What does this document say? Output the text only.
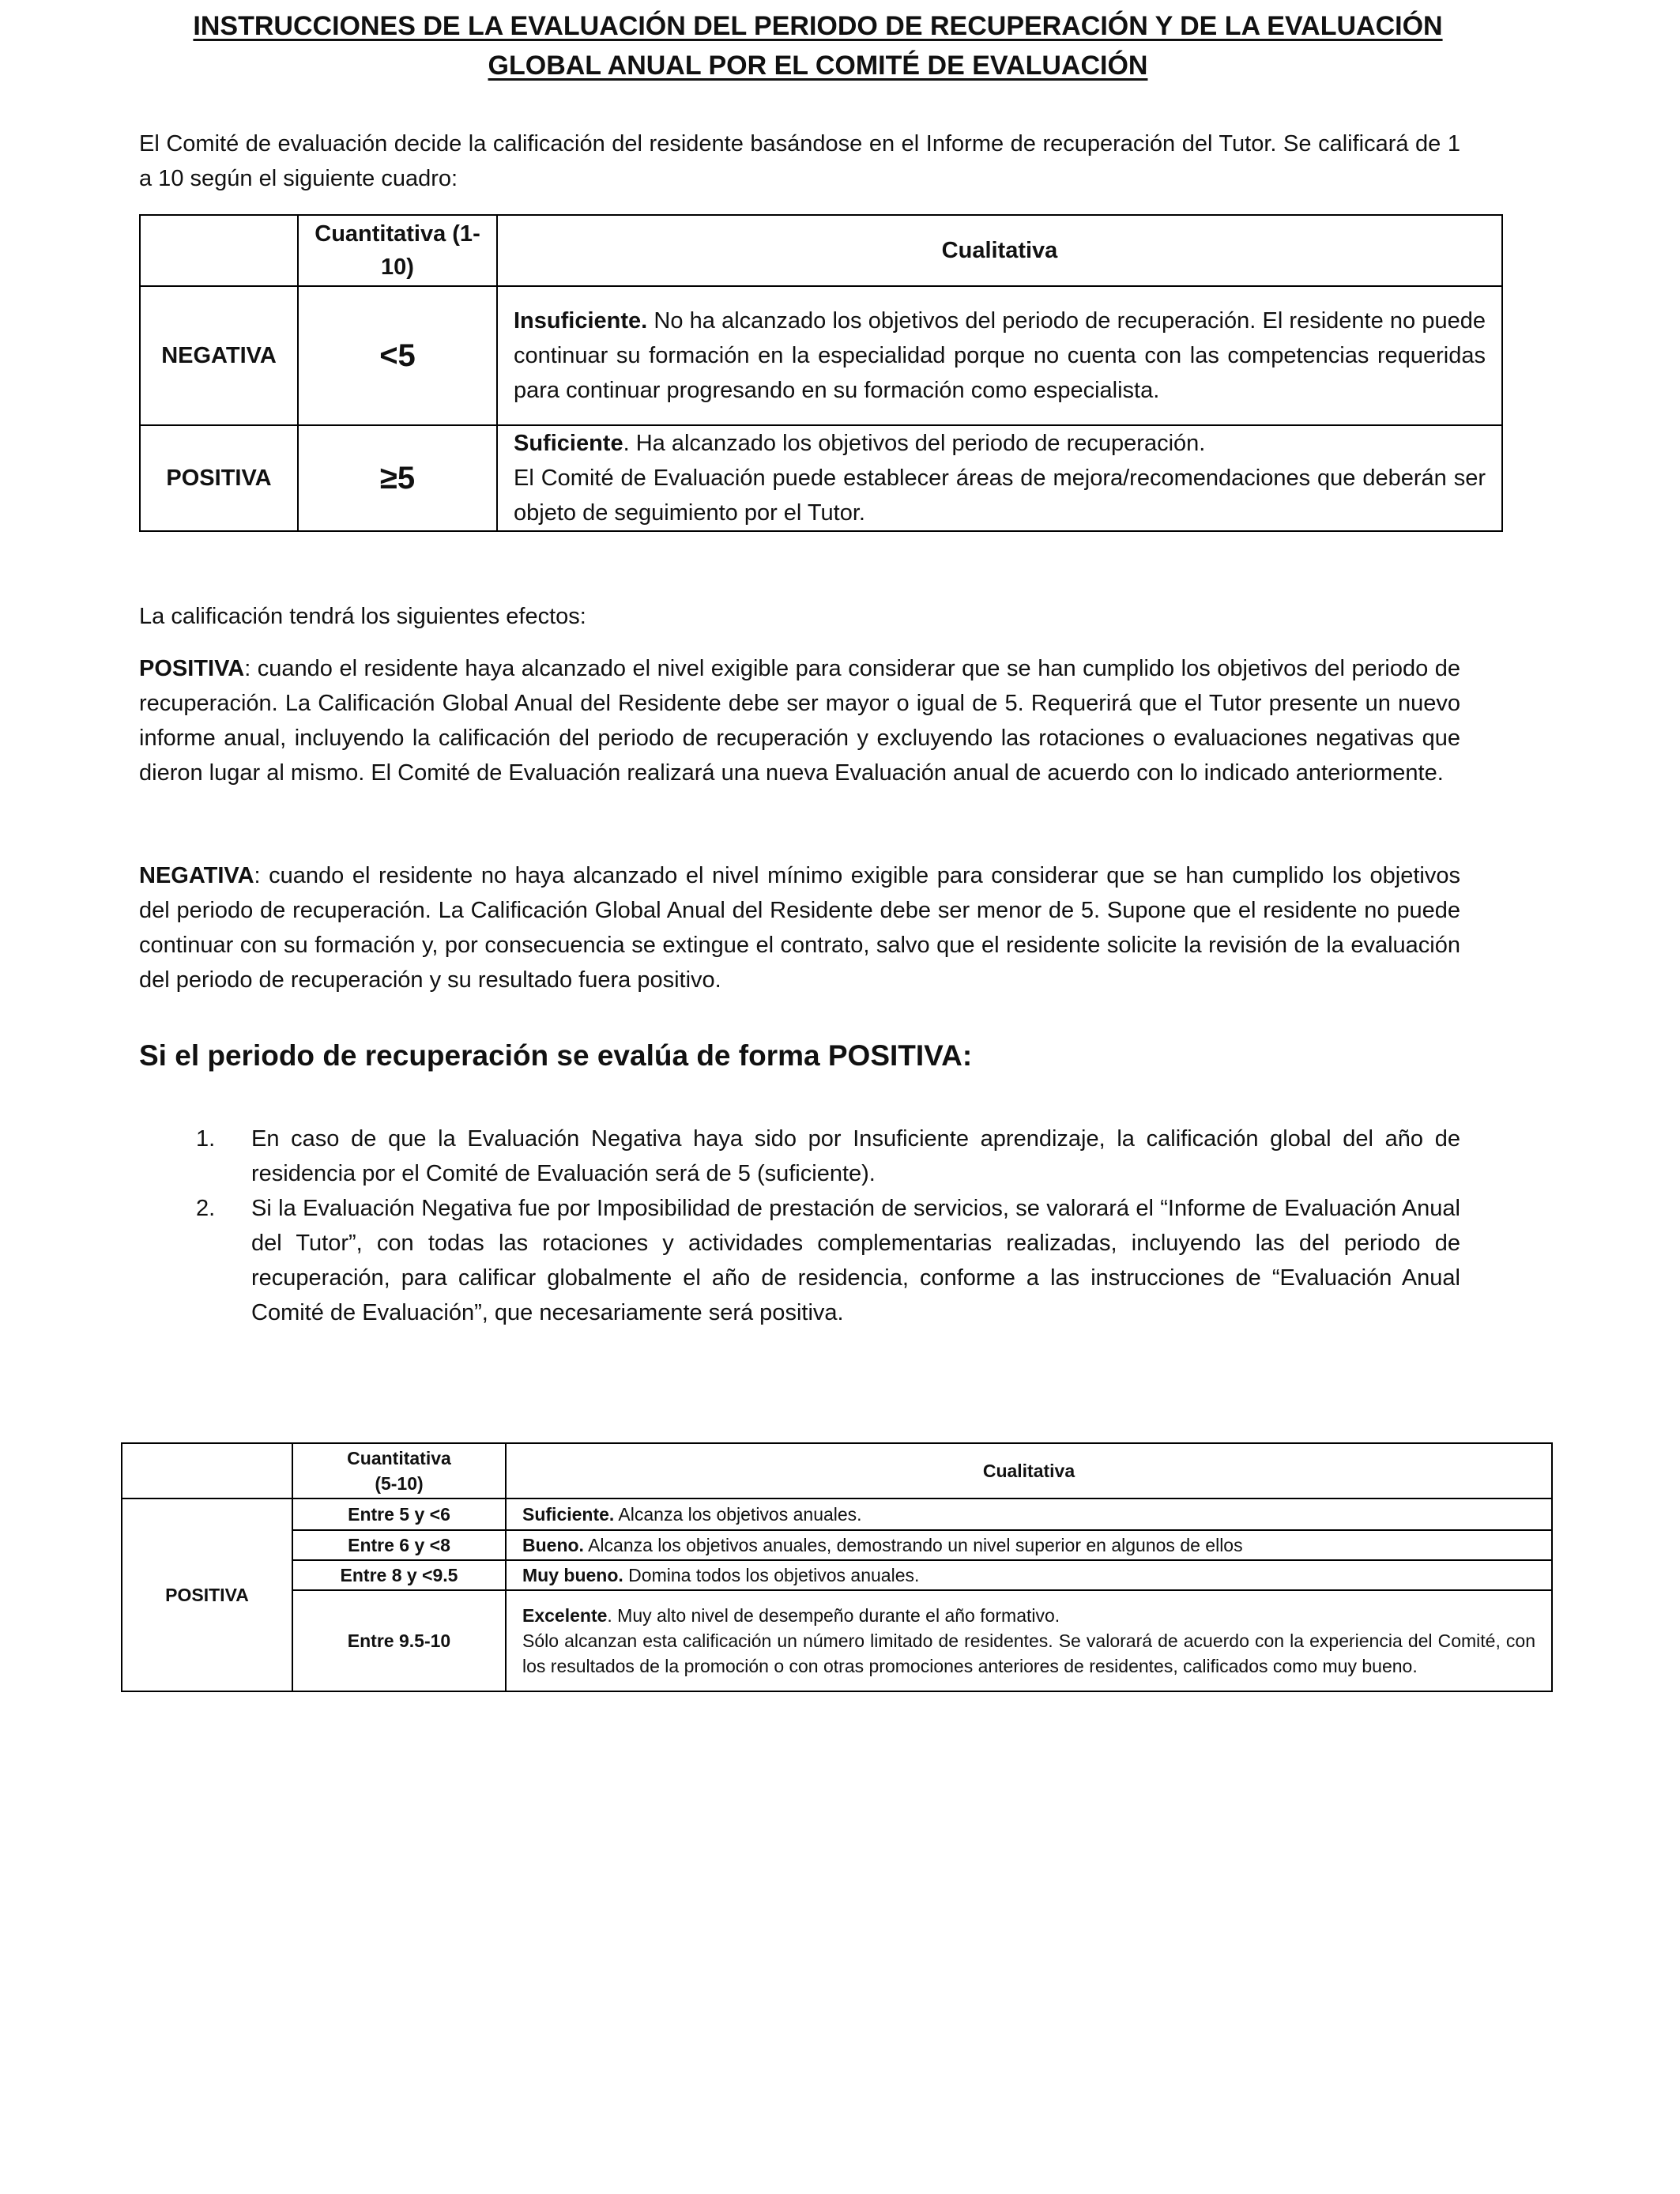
INSTRUCCIONES DE LA EVALUACIÓN DEL PERIODO DE RECUPERACIÓN Y DE LA EVALUACIÓN
GLOBAL ANUAL POR EL COMITÉ DE EVALUACIÓN
El Comité de evaluación decide la calificación del residente basándose en el Informe de recuperación del Tutor. Se calificará de 1 a 10 según el siguiente cuadro:
	Cuantitativa (1-10)	Cualitativa
NEGATIVA	<5	Insuficiente. No ha alcanzado los objetivos del periodo de recuperación. El residente no puede continuar su formación en la especialidad porque no cuenta con las competencias requeridas para continuar progresando en su formación como especialista.
POSITIVA	≥5	Suficiente. Ha alcanzado los objetivos del periodo de recuperación.
El Comité de Evaluación puede establecer áreas de mejora/recomendaciones que deberán ser objeto de seguimiento por el Tutor.
La calificación tendrá los siguientes efectos:
POSITIVA: cuando el residente haya alcanzado el nivel exigible para considerar que se han cumplido los objetivos del periodo de recuperación. La Calificación Global Anual del Residente debe ser mayor o igual de 5. Requerirá que el Tutor presente un nuevo informe anual, incluyendo la calificación del periodo de recuperación y excluyendo las rotaciones o evaluaciones negativas que dieron lugar al mismo. El Comité de Evaluación realizará una nueva Evaluación anual de acuerdo con lo indicado anteriormente.
NEGATIVA: cuando el residente no haya alcanzado el nivel mínimo exigible para considerar que se han cumplido los objetivos del periodo de recuperación. La Calificación Global Anual del Residente debe ser menor de 5. Supone que el residente no puede continuar con su formación y, por consecuencia se extingue el contrato, salvo que el residente solicite la revisión de la evaluación del periodo de recuperación y su resultado fuera positivo.
Si el periodo de recuperación se evalúa de forma POSITIVA:
1. En caso de que la Evaluación Negativa haya sido por Insuficiente aprendizaje, la calificación global del año de residencia por el Comité de Evaluación será de 5 (suficiente).
2. Si la Evaluación Negativa fue por Imposibilidad de prestación de servicios, se valorará el “Informe de Evaluación Anual del Tutor”, con todas las rotaciones y actividades complementarias realizadas, incluyendo las del periodo de recuperación, para calificar globalmente el año de residencia, conforme a las instrucciones de “Evaluación Anual Comité de Evaluación”, que necesariamente será positiva.
	Cuantitativa
(5-10)	Cualitativa
POSITIVA	Entre 5 y <6	Suficiente. Alcanza los objetivos anuales.
	Entre 6 y <8	Bueno. Alcanza los objetivos anuales, demostrando un nivel superior en algunos de ellos
	Entre 8 y <9.5	Muy bueno. Domina todos los objetivos anuales.
	Entre 9.5-10	Excelente. Muy alto nivel de desempeño durante el año formativo.
Sólo alcanzan esta calificación un número limitado de residentes. Se valorará de acuerdo con la experiencia del Comité, con los resultados de la promoción o con otras promociones anteriores de residentes, calificados como muy bueno.
